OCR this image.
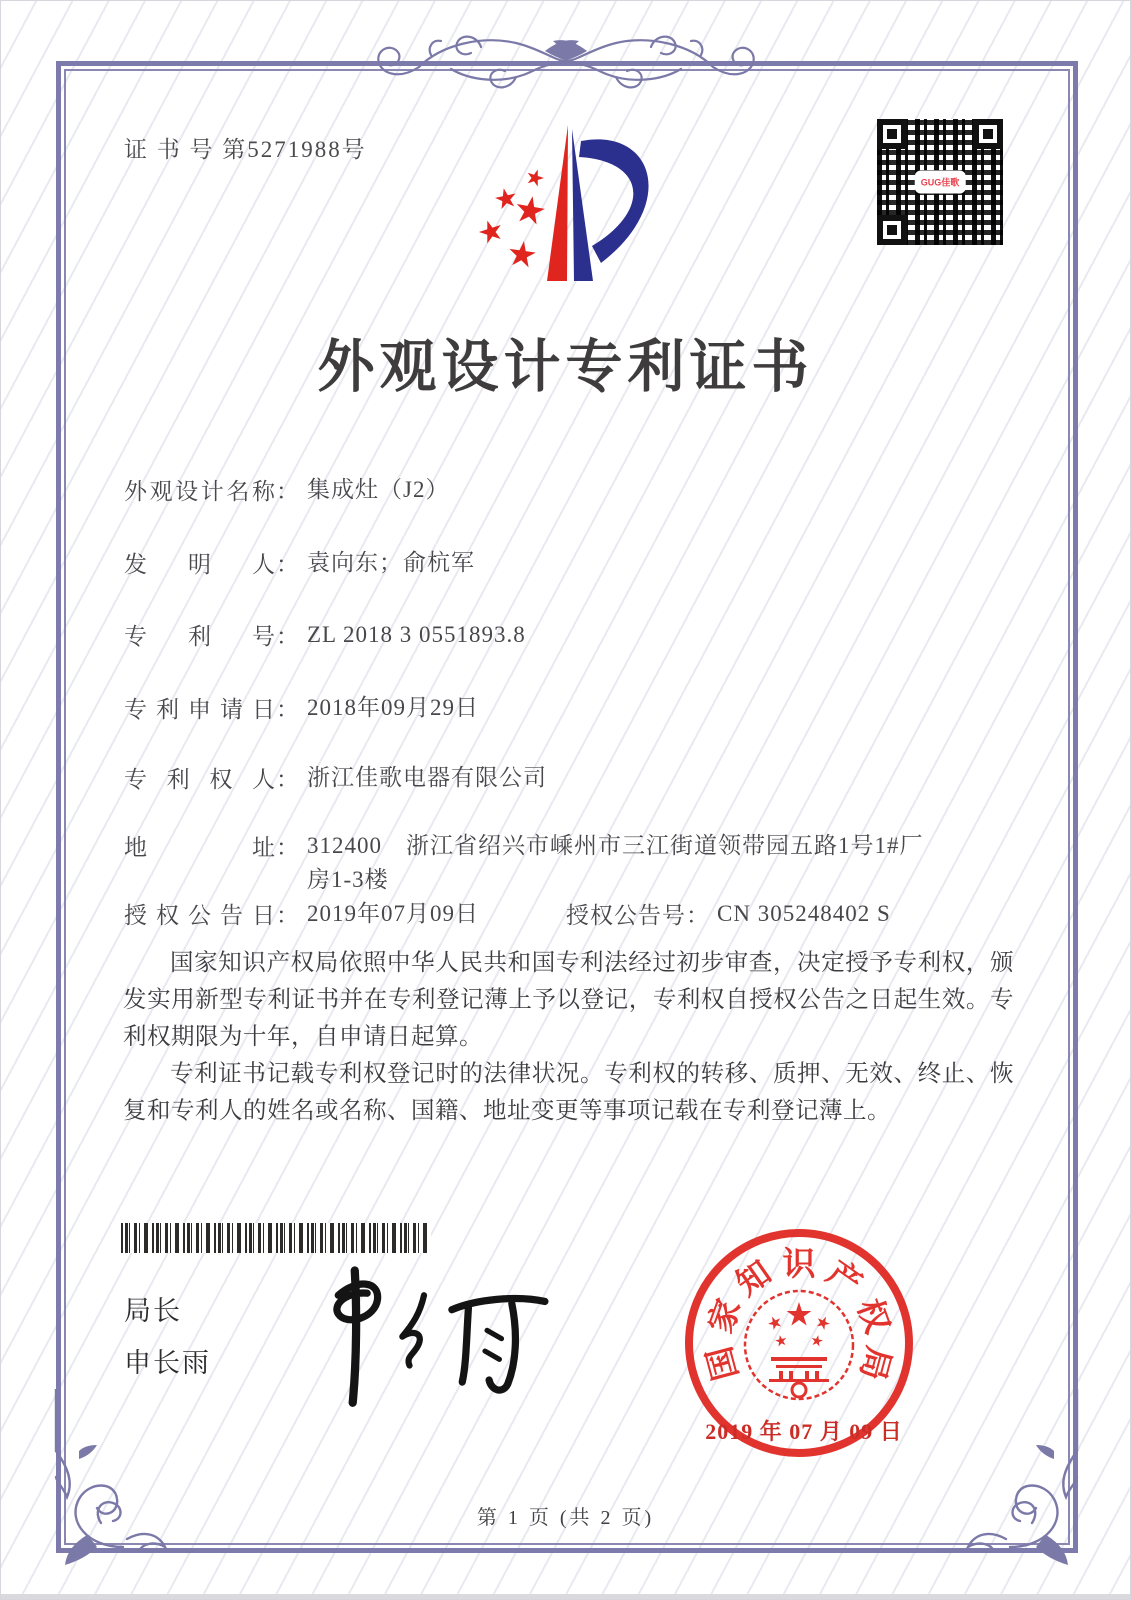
证 书 号 第5271988号
GUG佳歌
外观设计专利证书
外观设计名称 ： 集成灶（J2）
发明人 ： 袁向东；俞杭军
专利号 ： ZL 2018 3 0551893.8
专利申请日 ： 2018年09月29日
专利权人 ： 浙江佳歌电器有限公司
地址 ： 312400　浙江省绍兴市嵊州市三江街道领带园五路1号1#厂房1-3楼
授权公告日 ： 2019年07月09日	授权公告号 ： CN 305248402 S

国家知识产权局依照中华人民共和国专利法经过初步审查，决定授予专利权，颁发实用新型专利证书并在专利登记薄上予以登记，专利权自授权公告之日起生效。专利权期限为十年，自申请日起算。

专利证书记载专利权登记时的法律状况。专利权的转移、质押、无效、终止、恢复和专利人的姓名或名称、国籍、地址变更等事项记载在专利登记薄上。

局长
申长雨	国
家
知 识 产
权
局
2019 年 07 月 09 日
第 1 页 (共 2 页)
